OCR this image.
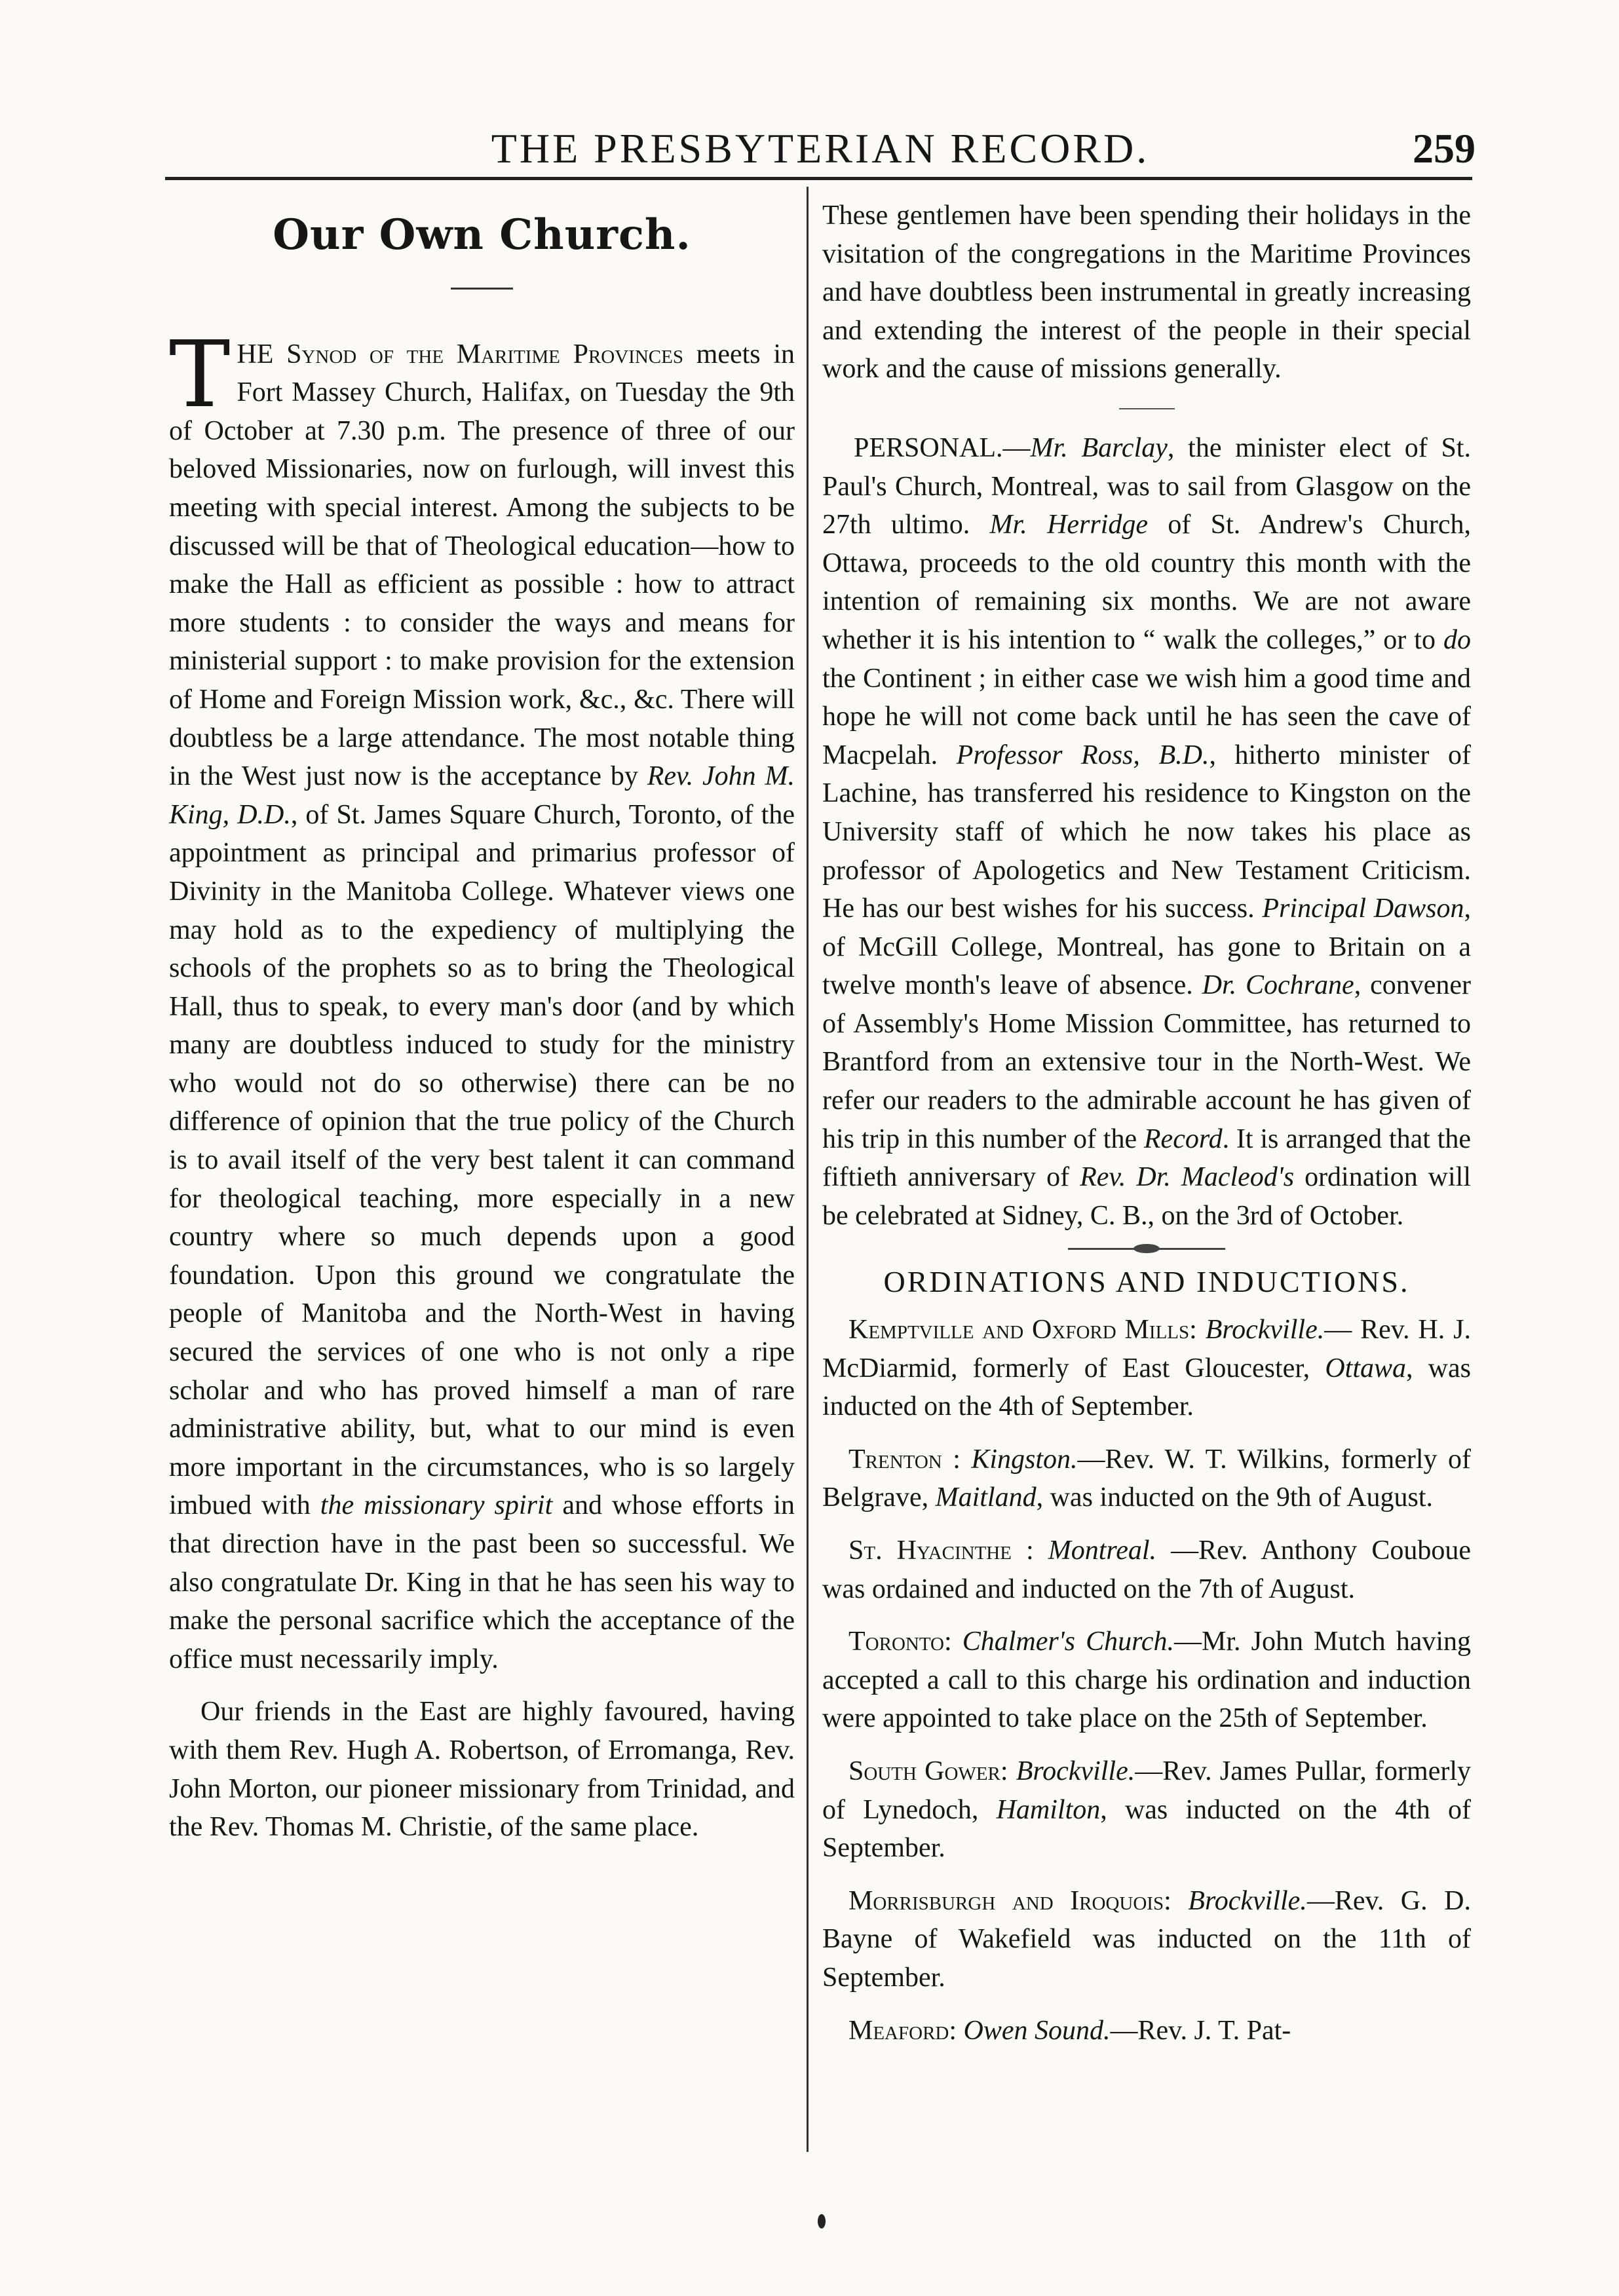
THE PRESBYTERIAN RECORD.	259
Our Own Church.

THE Synod of the Maritime Provinces meets in Fort Massey Church, Halifax, on Tuesday the 9th of October at 7.30 p.m. The presence of three of our beloved Missionaries, now on furlough, will invest this meeting with special interest. Among the subjects to be discussed will be that of Theological education—how to make the Hall as efficient as possible : how to attract more students : to consider the ways and means for ministerial support : to make provision for the extension of Home and Foreign Mission work, &c., &c. There will doubtless be a large attendance. The most notable thing in the West just now is the acceptance by Rev. John M. King, D.D., of St. James Square Church, Toronto, of the appointment as principal and primarius professor of Divinity in the Manitoba College. Whatever views one may hold as to the expediency of multiplying the schools of the prophets so as to bring the Theological Hall, thus to speak, to every man's door (and by which many are doubtless induced to study for the ministry who would not do so otherwise) there can be no difference of opinion that the true policy of the Church is to avail itself of the very best talent it can command for theological teaching, more especially in a new country where so much depends upon a good foundation. Upon this ground we congratulate the people of Manitoba and the North-West in having secured the services of one who is not only a ripe scholar and who has proved himself a man of rare administrative ability, but, what to our mind is even more important in the circumstances, who is so largely imbued with the missionary spirit and whose efforts in that direction have in the past been so successful. We also congratulate Dr. King in that he has seen his way to make the personal sacrifice which the acceptance of the office must necessarily imply.

Our friends in the East are highly favoured, having with them Rev. Hugh A. Robertson, of Erromanga, Rev. John Morton, our pioneer missionary from Trinidad, and the Rev. Thomas M. Christie, of the same place.

These gentlemen have been spending their holidays in the visitation of the congregations in the Maritime Provinces and have doubtless been instrumental in greatly increasing and extending the interest of the people in their special work and the cause of missions generally.

PERSONAL.—Mr. Barclay, the minister elect of St. Paul's Church, Montreal, was to sail from Glasgow on the 27th ultimo. Mr. Herridge of St. Andrew's Church, Ottawa, proceeds to the old country this month with the intention of remaining six months. We are not aware whether it is his intention to “ walk the colleges,” or to do the Continent ; in either case we wish him a good time and hope he will not come back until he has seen the cave of Macpelah. Professor Ross, B.D., hitherto minister of Lachine, has transferred his residence to Kingston on the University staff of which he now takes his place as professor of Apologetics and New Testament Criticism. He has our best wishes for his success. Principal Dawson, of McGill College, Montreal, has gone to Britain on a twelve month's leave of absence. Dr. Cochrane, convener of Assembly's Home Mission Committee, has returned to Brantford from an extensive tour in the North-West. We refer our readers to the admirable account he has given of his trip in this number of the Record. It is arranged that the fiftieth anniversary of Rev. Dr. Macleod's ordination will be celebrated at Sidney, C. B., on the 3rd of October.

ORDINATIONS AND INDUCTIONS.

Kemptville and Oxford Mills: Brockville.— Rev. H. J. McDiarmid, formerly of East Gloucester, Ottawa, was inducted on the 4th of September.

Trenton : Kingston.—Rev. W. T. Wilkins, formerly of Belgrave, Maitland, was inducted on the 9th of August.

St. Hyacinthe : Montreal. —Rev. Anthony Couboue was ordained and inducted on the 7th of August.

Toronto: Chalmer's Church.—Mr. John Mutch having accepted a call to this charge his ordination and induction were appointed to take place on the 25th of September.

South Gower: Brockville.—Rev. James Pullar, formerly of Lynedoch, Hamilton, was inducted on the 4th of September.

Morrisburgh and Iroquois: Brockville.—Rev. G. D. Bayne of Wakefield was inducted on the 11th of September.

Meaford: Owen Sound.—Rev. J. T. Pat-
